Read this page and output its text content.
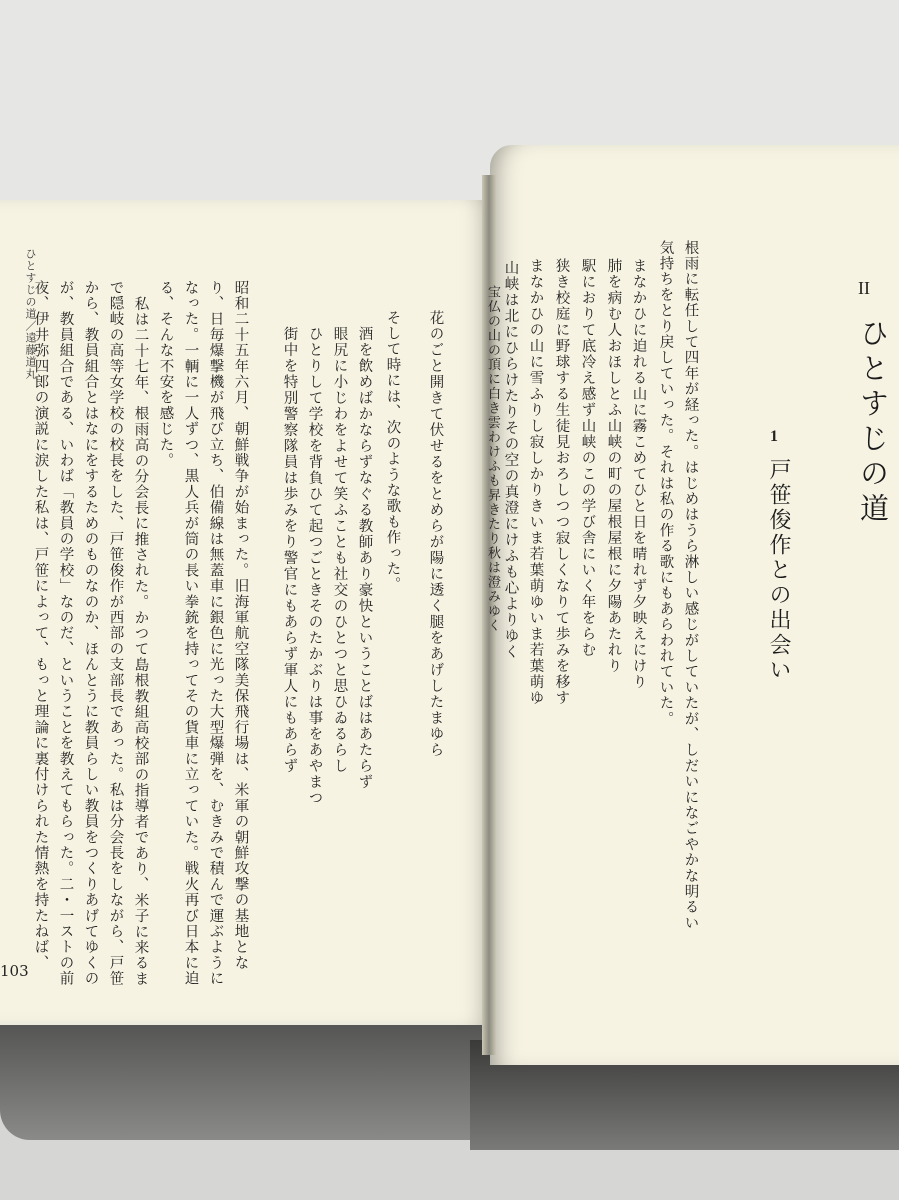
ひとすじの道／遠藤道丸	花のごと開きて伏せるをとめらが陽に透く腿をあげしたまゆら
そして時には、次のような歌も作った。
酒を飲めばかならずなぐる教師あり豪快ということばはあたらず
眼尻に小じわをよせて笑ふことも社交のひとつと思ひゐるらし
ひとりして学校を背負ひて起つごときそのたかぶりは事をあやまつ
街中を特別警察隊員は歩みをり警官にもあらず軍人にもあらず
昭和二十五年六月、朝鮮戦争が始まった。旧海軍航空隊美保飛行場は、米軍の朝鮮攻撃の基地とな
り、日毎爆撃機が飛び立ち、伯備線は無蓋車に銀色に光った大型爆弾を、むきみで積んで運ぶように
なった。一輌に一人ずつ、黒人兵が筒の長い拳銃を持ってその貨車に立っていた。戦火再び日本に迫
る、そんな不安を感じた。
私は二十七年、根雨高の分会長に推された。かつて島根教組高校部の指導者であり、米子に来るま
で隠岐の高等女学校の校長をした、戸笹俊作が西部の支部長であった。私は分会長をしながら、戸笹
から、教員組合とはなにをするためのものなのか、ほんとうに教員らしい教員をつくりあげてゆくの
が、教員組合である、いわば「教員の学校」なのだ、ということを教えてもらった。二・一ストの前
夜、伊井弥四郎の演説に涙した私は、戸笹によって、もっと理論に裏付けられた情熱を持たねば、
103
II
ひとすじの道
1
戸笹俊作との出会い
根雨に転任して四年が経った。はじめはうら淋しい感じがしていたが、しだいになごやかな明るい
気持ちをとり戻していった。それは私の作る歌にもあらわれていた。
まなかひに迫れる山に霧こめてひと日を晴れず夕映えにけり
肺を病む人おほしとふ山峡の町の屋根屋根に夕陽あたれり
駅におりて底冷え感ず山峡のこの学び舎にいく年をらむ
狭き校庭に野球する生徒見おろしつつ寂しくなりて歩みを移す
まなかひの山に雪ふりし寂しかりきいま若葉萌ゆいま若葉萌ゆ
山峡は北にひらけたりその空の真澄にけふも心よりゆく
宝仏の山の頂に白き雲わけふも昇きたり秋は澄みゆく
